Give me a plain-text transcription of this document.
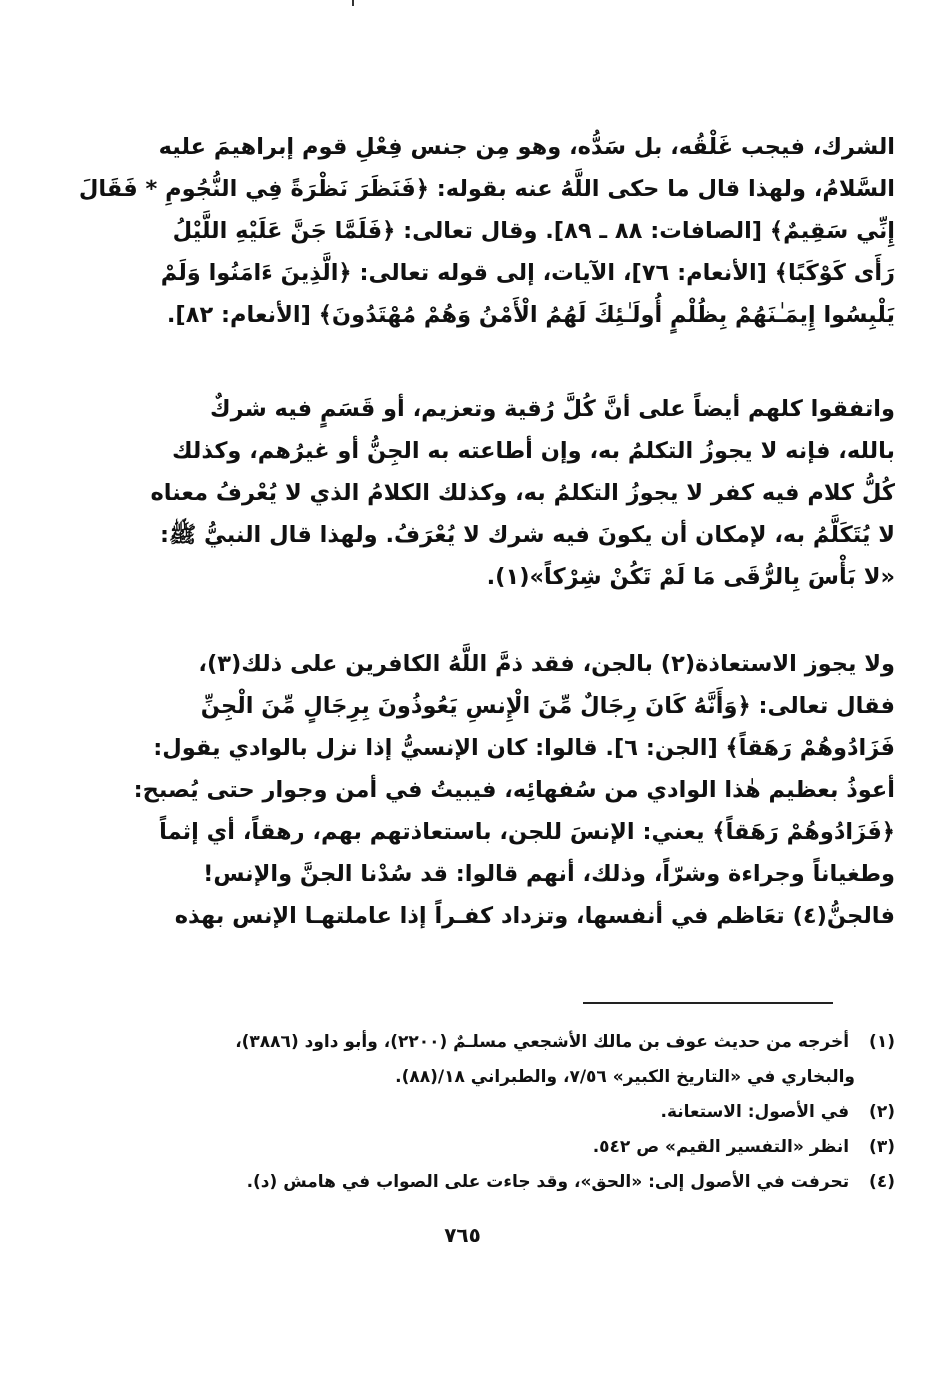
الشرك، فيجب غَلْقُه، بل سَدُّه، وهو مِن جنس فِعْلِ قوم إبراهيمَ عليه
السَّلامُ، ولهذا قال ما حكى اللَّهُ عنه بقوله: ﴿فَنَظَرَ نَظْرَةً فِي النُّجُومِ * فَقَالَ
إِنِّي سَقِيمٌ﴾ [الصافات: ٨٨ ـ ٨٩]. وقال تعالى: ﴿فَلَمَّا جَنَّ عَلَيْهِ اللَّيْلُ
رَأَى كَوْكَبًا﴾ [الأنعام: ٧٦]، الآيات، إلى قوله تعالى: ﴿الَّذِينَ ءَامَنُوا وَلَمْ
يَلْبِسُوا إِيمَـٰنَهُمْ بِظُلْمٍ أُولَـٰئِكَ لَهُمُ الْأَمْنُ وَهُمْ مُهْتَدُونَ﴾ [الأنعام: ٨٢].
واتفقوا كلهم أيضاً على أنَّ كُلَّ رُقية وتعزيم، أو قَسَمٍ فيه شركٌ
بالله، فإنه لا يجوزُ التكلمُ به، وإن أطاعته به الجِنُّ أو غيرُهم، وكذلك
كُلُّ كلام فيه كفر لا يجوزُ التكلمُ به، وكذلك الكلامُ الذي لا يُعْرفُ معناه
لا يُتَكَلَّمُ به، لإمكان أن يكونَ فيه شرك لا يُعْرَفُ. ولهذا قال النبيُّ ﷺ:
«لا بَأْسَ بِالرُّقَى مَا لَمْ تَكُنْ شِرْكاً»(١).
ولا يجوز الاستعاذة(٢) بالجن، فقد ذمَّ اللَّهُ الكافرين على ذلك(٣)،
فقال تعالى: ﴿وَأَنَّهُ كَانَ رِجَالٌ مِّنَ الْإِنسِ يَعُوذُونَ بِرِجَالٍ مِّنَ الْجِنِّ
فَزَادُوهُمْ رَهَقاً﴾ [الجن: ٦]. قالوا: كان الإنسيُّ إذا نزل بالوادي يقول:
أعوذُ بعظيم هٰذا الوادي من سُفهائِه، فيبيتُ في أمن وجوار حتى يُصبح:
﴿فَزَادُوهُمْ رَهَقاً﴾ يعني: الإنسَ للجن، باستعاذتهم بهم، رهقاً، أي إثماً
وطغياناً وجراءة وشرّاً، وذلك، أنهم قالوا: قد سُدْنا الجنَّ والإنس!
فالجنُّ(٤) تعَاظم في أنفسها، وتزداد كفـراً إذا عاملتهـا الإنس بهذه
(١) أخرجه من حديث عوف بن مالك الأشجعي مسلـمٌ (٢٢٠٠)، وأبو داود (٣٨٨٦)،
والبخاري في «التاريخ الكبير» ٧/٥٦، والطبراني ١٨/(٨٨).
(٢) في الأصول: الاستعانة.
(٣) انظر «التفسير القيم» ص ٥٤٢.
(٤) تحرفت في الأصول إلى: «الحق»، وقد جاءت على الصواب في هامش (د).
٧٦٥
